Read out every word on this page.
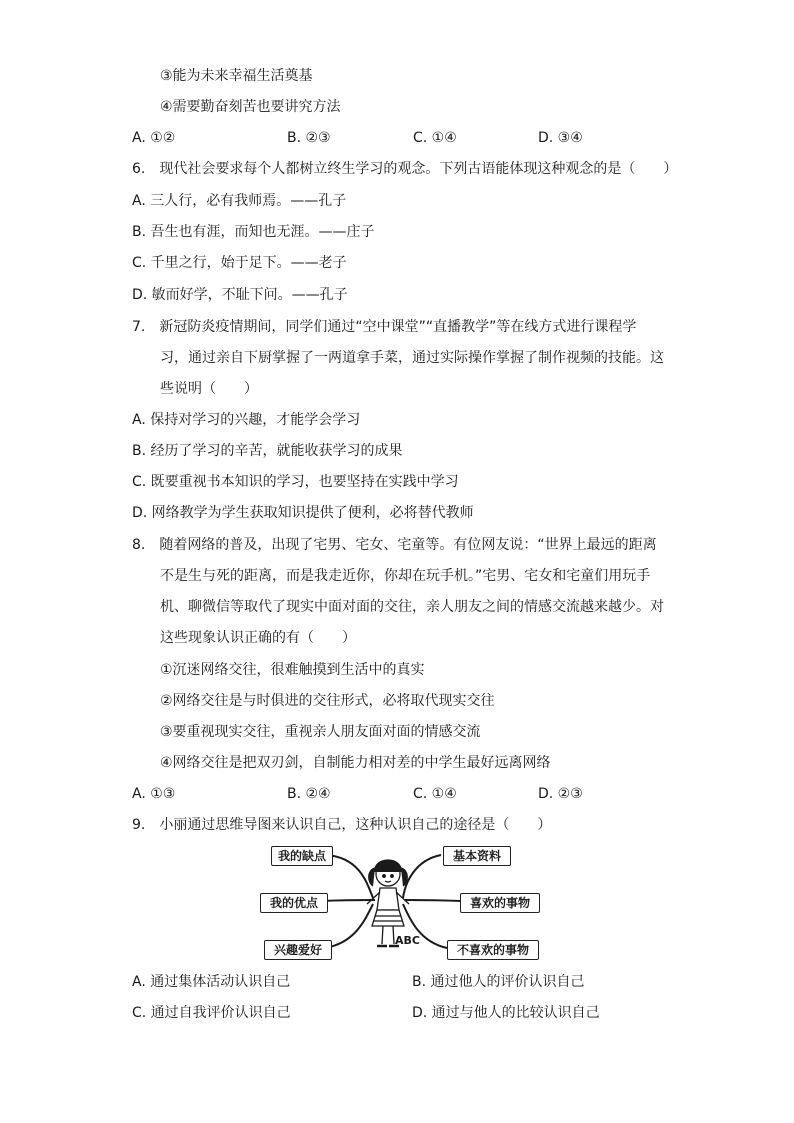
③能为未来幸福生活奠基
④需要勤奋刻苦也要讲究方法
A. ①②	B. ②③	C. ①④	D. ③④
6.　现代社会要求每个人都树立终生学习的观念。下列古语能体现这种观念的是（　　）
A. 三人行，必有我师焉。——孔子
B. 吾生也有涯，而知也无涯。——庄子
C. 千里之行，始于足下。——老子
D. 敏而好学，不耻下问。——孔子
7.　新冠防炎疫情期间，同学们通过“空中课堂”“直播教学”等在线方式进行课程学
习，通过亲自下厨掌握了一两道拿手菜，通过实际操作掌握了制作视频的技能。这
些说明（　　）
A. 保持对学习的兴趣，才能学会学习
B. 经历了学习的辛苦，就能收获学习的成果
C. 既要重视书本知识的学习，也要坚持在实践中学习
D. 网络教学为学生获取知识提供了便利，必将替代教师
8.　随着网络的普及，出现了宅男、宅女、宅童等。有位网友说：“世界上最远的距离
不是生与死的距离，而是我走近你，你却在玩手机。”宅男、宅女和宅童们用玩手
机、聊微信等取代了现实中面对面的交往，亲人朋友之间的情感交流越来越少。对
这些现象认识正确的有（　　）
①沉迷网络交往，很难触摸到生活中的真实
②网络交往是与时俱进的交往形式，必将取代现实交往
③要重视现实交往，重视亲人朋友面对面的情感交流
④网络交往是把双刃剑，自制能力相对差的中学生最好远离网络
A. ①③	B. ②④	C. ①④	D. ②③
9.　小丽通过思维导图来认识自己，这种认识自己的途径是（　　）
ABC
我的缺点
我的优点
兴趣爱好
基本资料
喜欢的事物
不喜欢的事物
A. 通过集体活动认识自己	B. 通过他人的评价认识自己
C. 通过自我评价认识自己	D. 通过与他人的比较认识自己
